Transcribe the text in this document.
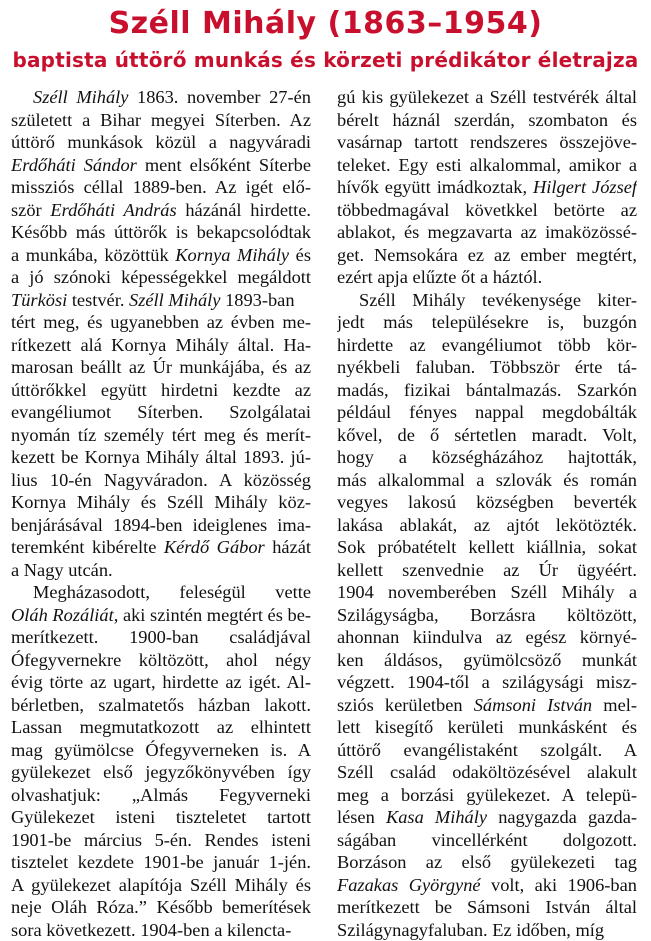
Széll Mihály (1863–1954)
baptista úttörő munkás és körzeti prédikátor életrajza
Széll Mihály 1863. november 27-én
született a Bihar megyei Síterben. Az
úttörő munkások közül a nagyváradi
Erdőháti Sándor ment elsőként Síterbe
missziós céllal 1889-ben. Az igét elő-
ször Erdőháti András házánál hirdette.
Később más úttörők is bekapcsolódtak
a munkába, közöttük Kornya Mihály és
a jó szónoki képességekkel megáldott
Türkösi testvér. Széll Mihály 1893-ban
tért meg, és ugyanebben az évben me-
rítkezett alá Kornya Mihály által. Ha-
marosan beállt az Úr munkájába, és az
úttörőkkel együtt hirdetni kezdte az
evangéliumot Síterben. Szolgálatai
nyomán tíz személy tért meg és merít-
kezett be Kornya Mihály által 1893. jú-
lius 10-én Nagyváradon. A közösség
Kornya Mihály és Széll Mihály köz-
benjárásával 1894-ben ideiglenes ima-
teremként kibérelte Kérdő Gábor házát
a Nagy utcán.
Megházasodott, feleségül vette
Oláh Rozáliát, aki szintén megtért és be-
merítkezett. 1900-ban családjával
Ófegyvernekre költözött, ahol négy
évig törte az ugart, hirdette az igét. Al-
bérletben, szalmatetős házban lakott.
Lassan megmutatkozott az elhintett
mag gyümölcse Ófegyverneken is. A
gyülekezet első jegyzőkönyvében így
olvashatjuk: „Almás Fegyverneki
Gyülekezet isteni tiszteletet tartott
1901-be március 5-én. Rendes isteni
tisztelet kezdete 1901-be január 1-jén.
A gyülekezet alapítója Széll Mihály és
neje Oláh Róza.” Később bemerítések
sora következett. 1904-ben a kilencta-
gú kis gyülekezet a Széll testvérék által
bérelt háznál szerdán, szombaton és
vasárnap tartott rendszeres összejöve-
teleket. Egy esti alkalommal, amikor a
hívők együtt imádkoztak, Hilgert József
többedmagával követkkel betörte az
ablakot, és megzavarta az imaközössé-
get. Nemsokára ez az ember megtért,
ezért apja elűzte őt a háztól.
Széll Mihály tevékenysége kiter-
jedt más településekre is, buzgón
hirdette az evangéliumot több kör-
nyékbeli faluban. Többször érte tá-
madás, fizikai bántalmazás. Szarkón
például fényes nappal megdobálták
kővel, de ő sértetlen maradt. Volt,
hogy a községházához hajtották,
más alkalommal a szlovák és román
vegyes lakosú községben beverték
lakása ablakát, az ajtót lekötözték.
Sok próbatételt kellett kiállnia, sokat
kellett szenvednie az Úr ügyéért.
1904 novemberében Széll Mihály a
Szilágyságba, Borzásra költözött,
ahonnan kiindulva az egész környé-
ken áldásos, gyümölcsöző munkát
végzett. 1904-től a szilágysági misz-
sziós kerületben Sámsoni István mel-
lett kisegítő kerületi munkásként és
úttörő evangélistaként szolgált. A
Széll család odaköltözésével alakult
meg a borzási gyülekezet. A telepü-
lésen Kasa Mihály nagygazda gazda-
ságában vincellérként dolgozott.
Borzáson az első gyülekezeti tag
Fazakas Györgyné volt, aki 1906-ban
merítkezett be Sámsoni István által
Szilágynagyfaluban. Ez időben, míg
